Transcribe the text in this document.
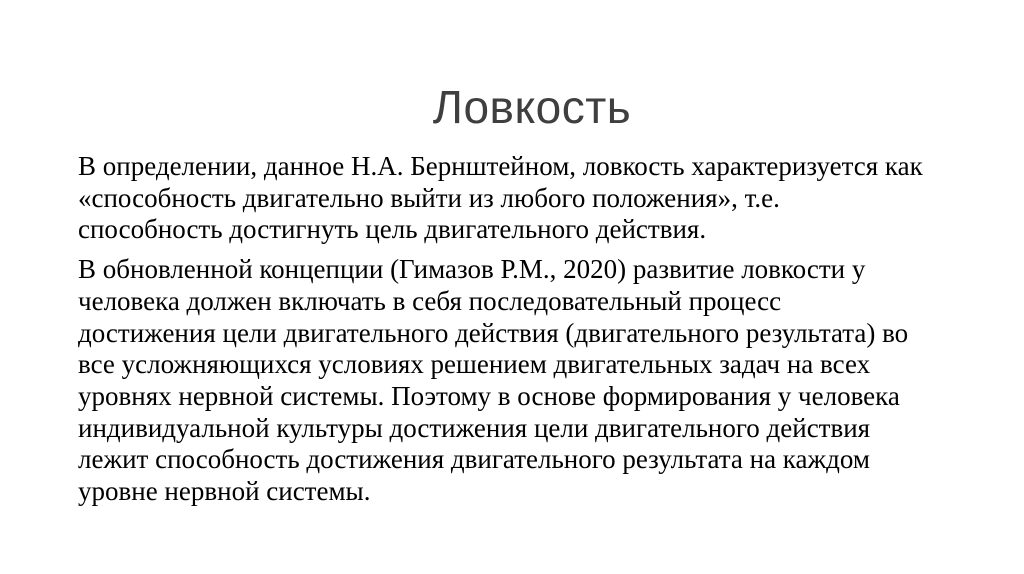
Ловкость

В определении, данное Н.А. Бернштейном, ловкость характеризуется как
«способность двигательно выйти из любого положения», т.е.
способность достигнуть цель двигательного действия.

В обновленной концепции (Гимазов Р.М., 2020) развитие ловкости у
человека должен включать в себя последовательный процесс
достижения цели двигательного действия (двигательного результата) во
все усложняющихся условиях решением двигательных задач на всех
уровнях нервной системы. Поэтому в основе формирования у человека
индивидуальной культуры достижения цели двигательного действия
лежит способность достижения двигательного результата на каждом
уровне нервной системы.
